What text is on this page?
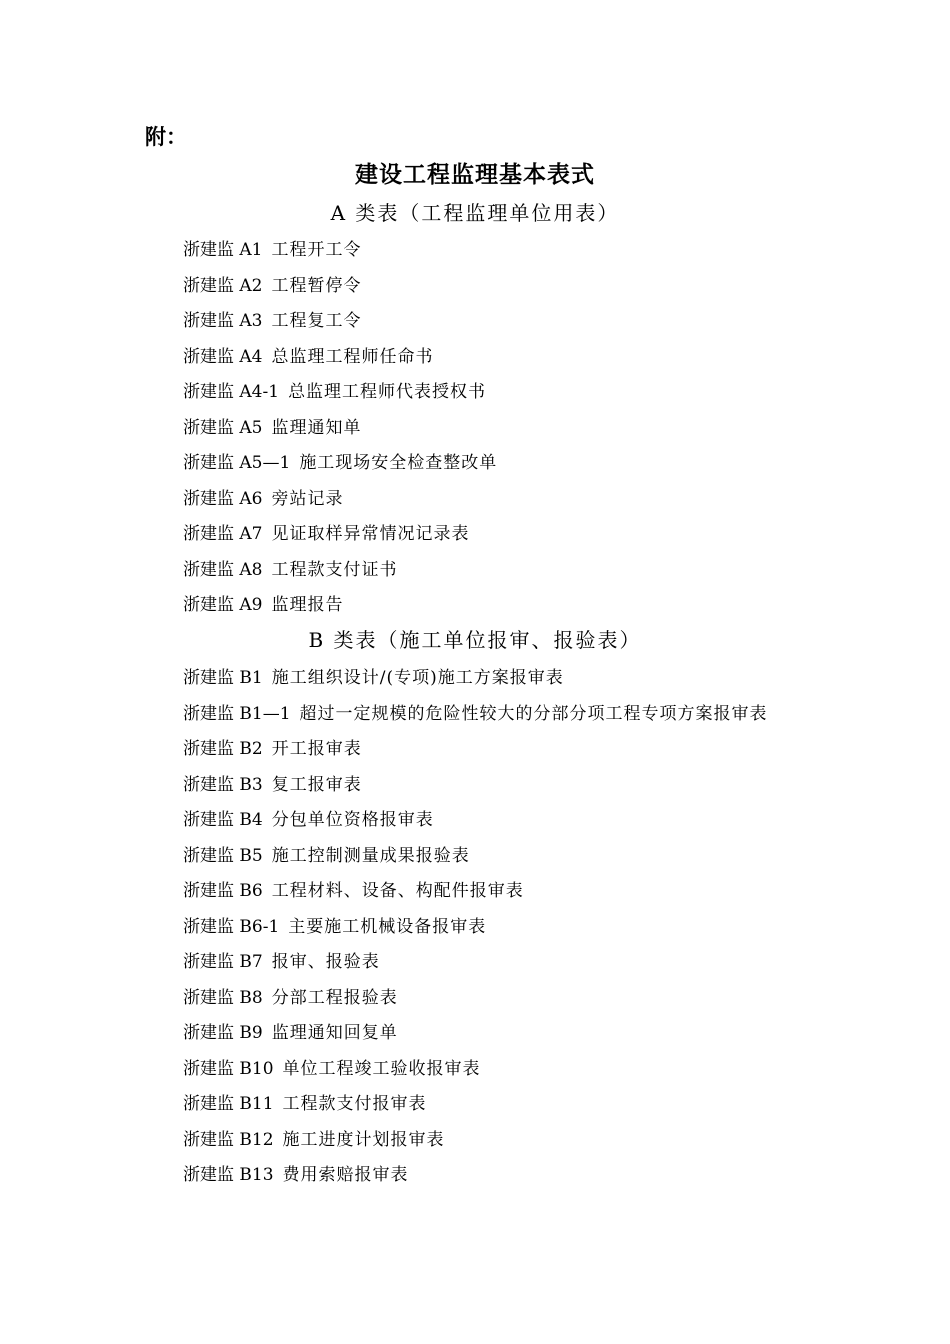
附：
建设工程监理基本表式
A 类表（工程监理单位用表）
浙建监 A1 工程开工令
浙建监 A2 工程暂停令
浙建监 A3 工程复工令
浙建监 A4 总监理工程师任命书
浙建监 A4-1 总监理工程师代表授权书
浙建监 A5 监理通知单
浙建监 A5—1 施工现场安全检查整改单
浙建监 A6 旁站记录
浙建监 A7 见证取样异常情况记录表
浙建监 A8 工程款支付证书
浙建监 A9 监理报告
B 类表（施工单位报审、报验表）
浙建监 B1 施工组织设计/(专项)施工方案报审表
浙建监 B1—1 超过一定规模的危险性较大的分部分项工程专项方案报审表
浙建监 B2 开工报审表
浙建监 B3 复工报审表
浙建监 B4 分包单位资格报审表
浙建监 B5 施工控制测量成果报验表
浙建监 B6 工程材料、设备、构配件报审表
浙建监 B6-1 主要施工机械设备报审表
浙建监 B7 报审、报验表
浙建监 B8 分部工程报验表
浙建监 B9 监理通知回复单
浙建监 B10 单位工程竣工验收报审表
浙建监 B11 工程款支付报审表
浙建监 B12 施工进度计划报审表
浙建监 B13 费用索赔报审表
